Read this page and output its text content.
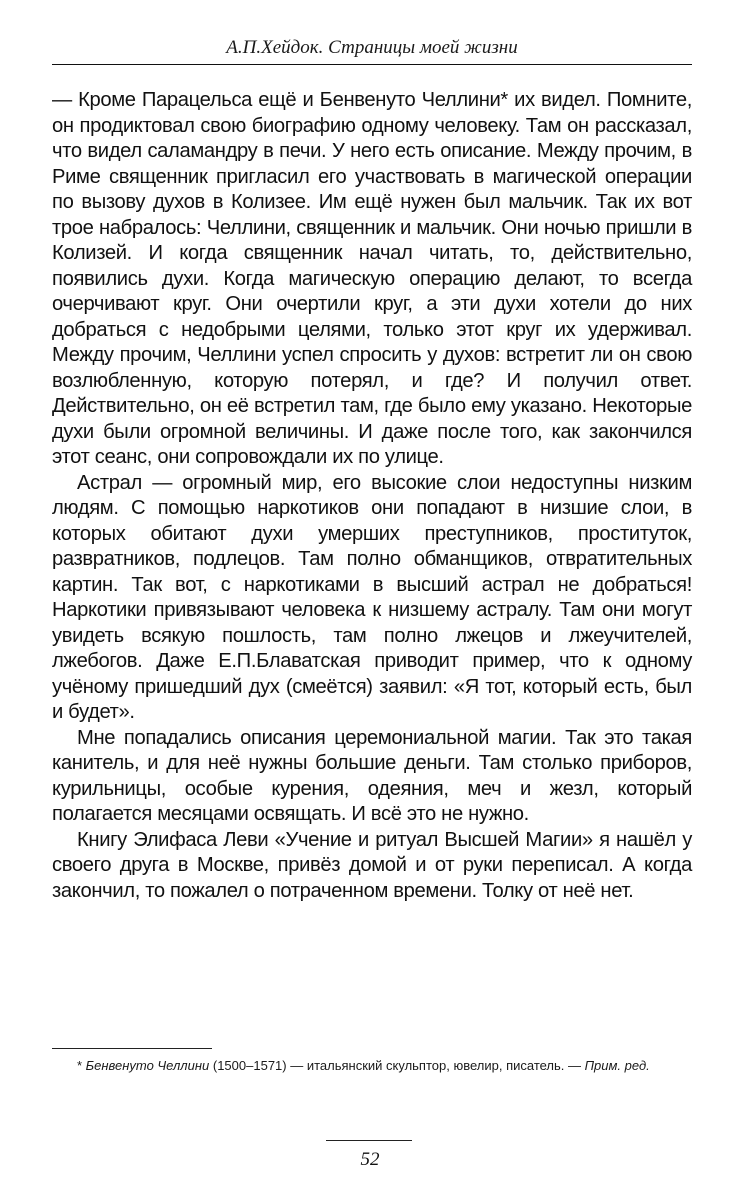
А.П.Хейдок. Страницы моей жизни

— Кроме Парацельса ещё и Бенвенуто Челлини* их видел. Помните, он продиктовал свою биографию одному человеку. Там он рассказал, что видел саламандру в печи. У него есть описание. Между прочим, в Риме священник пригласил его участвовать в магической операции по вызову духов в Колизее. Им ещё нужен был мальчик. Так их вот трое набралось: Челлини, священник и мальчик. Они ночью пришли в Колизей. И когда священник начал читать, то, действительно, появились духи. Когда магическую операцию делают, то всегда очерчивают круг. Они очертили круг, а эти духи хотели до них добраться с недобрыми целями, только этот круг их удерживал. Между прочим, Челлини успел спросить у духов: встретит ли он свою возлюбленную, которую потерял, и где? И получил ответ. Действительно, он её встретил там, где было ему указано. Некоторые духи были огромной величины. И даже после того, как закончился этот сеанс, они сопровождали их по улице.

Астрал — огромный мир, его высокие слои недоступны низким людям. С помощью наркотиков они попадают в низшие слои, в которых обитают духи умерших преступников, проституток, развратников, подлецов. Там полно обманщиков, отвратительных картин. Так вот, с наркотиками в высший астрал не добраться! Наркотики привязывают человека к низшему астралу. Там они могут увидеть всякую пошлость, там полно лжецов и лжеучителей, лжебогов. Даже Е.П.Блаватская приводит пример, что к одному учёному пришедший дух (смеётся) заявил: «Я тот, который есть, был и будет».

Мне попадались описания церемониальной магии. Так это такая канитель, и для неё нужны большие деньги. Там столько приборов, курильницы, особые курения, одеяния, меч и жезл, который полагается месяцами освящать. И всё это не нужно.

Книгу Элифаса Леви «Учение и ритуал Высшей Магии» я нашёл у своего друга в Москве, привёз домой и от руки переписал. А когда закончил, то пожалел о потраченном времени. Толку от неё нет.

* Бенвенуто Челлини (1500–1571) — итальянский скульптор, ювелир, писатель. — Прим. ред.
52
